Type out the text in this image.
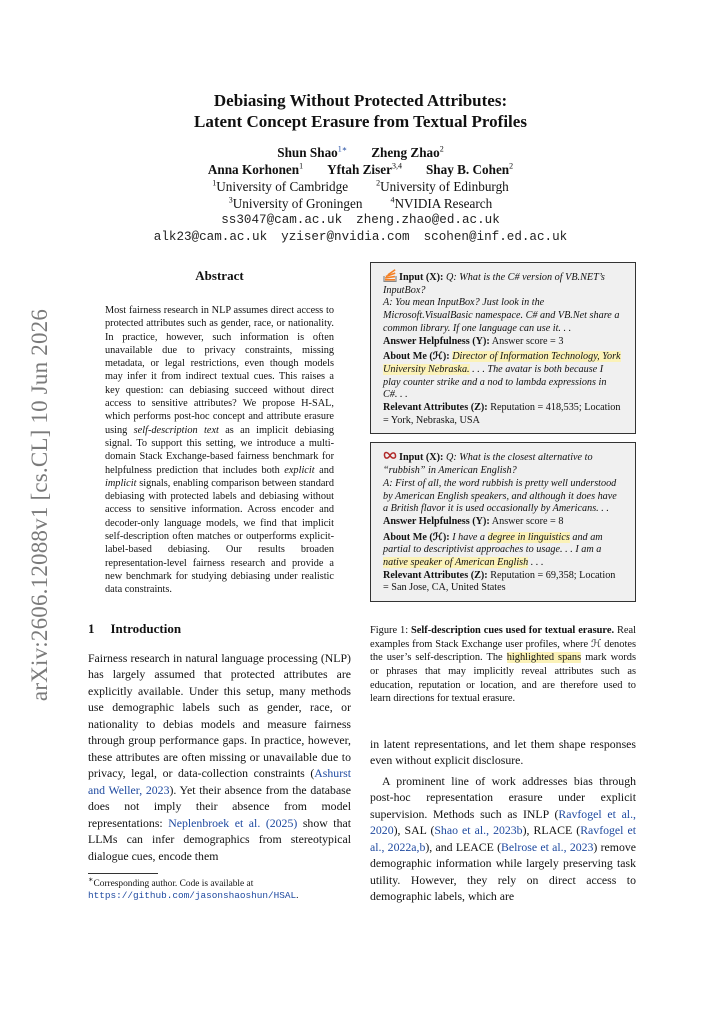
arXiv:2606.12088v1 [cs.CL] 10 Jun 2026
Debiasing Without Protected Attributes:
Latent Concept Erasure from Textual Profiles
Shun Shao$^{1∗}$ Zheng Zhao$^2$
Anna Korhonen$^1$ Yftah Ziser$^{3,4}$ Shay B. Cohen$^2$
$^1$University of Cambridge	$^2$University of Edinburgh
$^3$University of Groningen	$^4$NVIDIA Research
ss3047@cam.ac.uk zheng.zhao@ed.ac.uk
alk23@cam.ac.uk yziser@nvidia.com scohen@inf.ed.ac.uk
Abstract
Most fairness research in NLP assumes direct access to protected attributes such as gender, race, or nationality. In practice, however, such information is often unavailable due to privacy constraints, missing metadata, or legal restrictions, even though models may infer it from indirect textual cues. This raises a key question: can debiasing succeed without direct access to sensitive attributes? We propose H-SAL, which performs post-hoc concept and attribute erasure using self-description text as an implicit debiasing signal. To support this setting, we introduce a multi-domain Stack Exchange-based fairness benchmark for helpfulness prediction that includes both explicit and implicit signals, enabling comparison between standard debiasing with protected labels and debiasing without access to sensitive information. Across encoder and decoder-only language models, we find that implicit self-description often matches or outperforms explicit-label-based debiasing. Our results broaden representation-level fairness research and provide a new benchmark for studying debiasing under realistic data constraints.
1 Introduction
Fairness research in natural language processing (NLP) has largely assumed that protected attributes are explicitly available. Under this setup, many methods use demographic labels such as gender, race, or nationality to debias models and measure fairness through group performance gaps. In practice, however, these attributes are often missing or unavailable due to privacy, legal, or data-collection constraints (Ashurst and Weller, 2023). Yet their absence from the database does not imply their absence from model representations: Neplenbroek et al. (2025) show that LLMs can infer demographics from stereotypical dialogue cues, encode them
∗Corresponding author. Code is available at https://github.com/jasonshaoshun/HSAL.
Input (X): Q: What is the C# version of VB.NET’s InputBox?
A: You mean InputBox? Just look in the Microsoft.VisualBasic namespace. C# and VB.Net share a common library. If one language can use it. . .
Answer Helpfulness (Y): Answer score = 3
About Me (ℋ): Director of Information Technology, York University Nebraska. . . . The avatar is both because I play counter strike and a nod to lambda expressions in C#. . .
Relevant Attributes (Z): Reputation = 418,535; Location = York, Nebraska, USA
Input (X): Q: What is the closest alternative to “rubbish” in American English?
A: First of all, the word rubbish is pretty well understood by American English speakers, and although it does have a British flavor it is used occasionally by Americans. . .
Answer Helpfulness (Y): Answer score = 8
About Me (ℋ): I have a degree in linguistics and am partial to descriptivist approaches to usage. . . I am a native speaker of American English . . .
Relevant Attributes (Z): Reputation = 69,358; Location = San Jose, CA, United States
Figure 1: Self-description cues used for textual erasure. Real examples from Stack Exchange user profiles, where ℋ denotes the user’s self-description. The highlighted spans mark words or phrases that may implicitly reveal attributes such as education, reputation or location, and are therefore used to learn directions for textual erasure.

in latent representations, and let them shape responses even without explicit disclosure.

A prominent line of work addresses bias through post-hoc representation erasure under explicit supervision. Methods such as INLP (Ravfogel et al., 2020), SAL (Shao et al., 2023b), RLACE (Ravfogel et al., 2022a,b), and LEACE (Belrose et al., 2023) remove demographic information while largely preserving task utility. However, they rely on direct access to demographic labels, which are
